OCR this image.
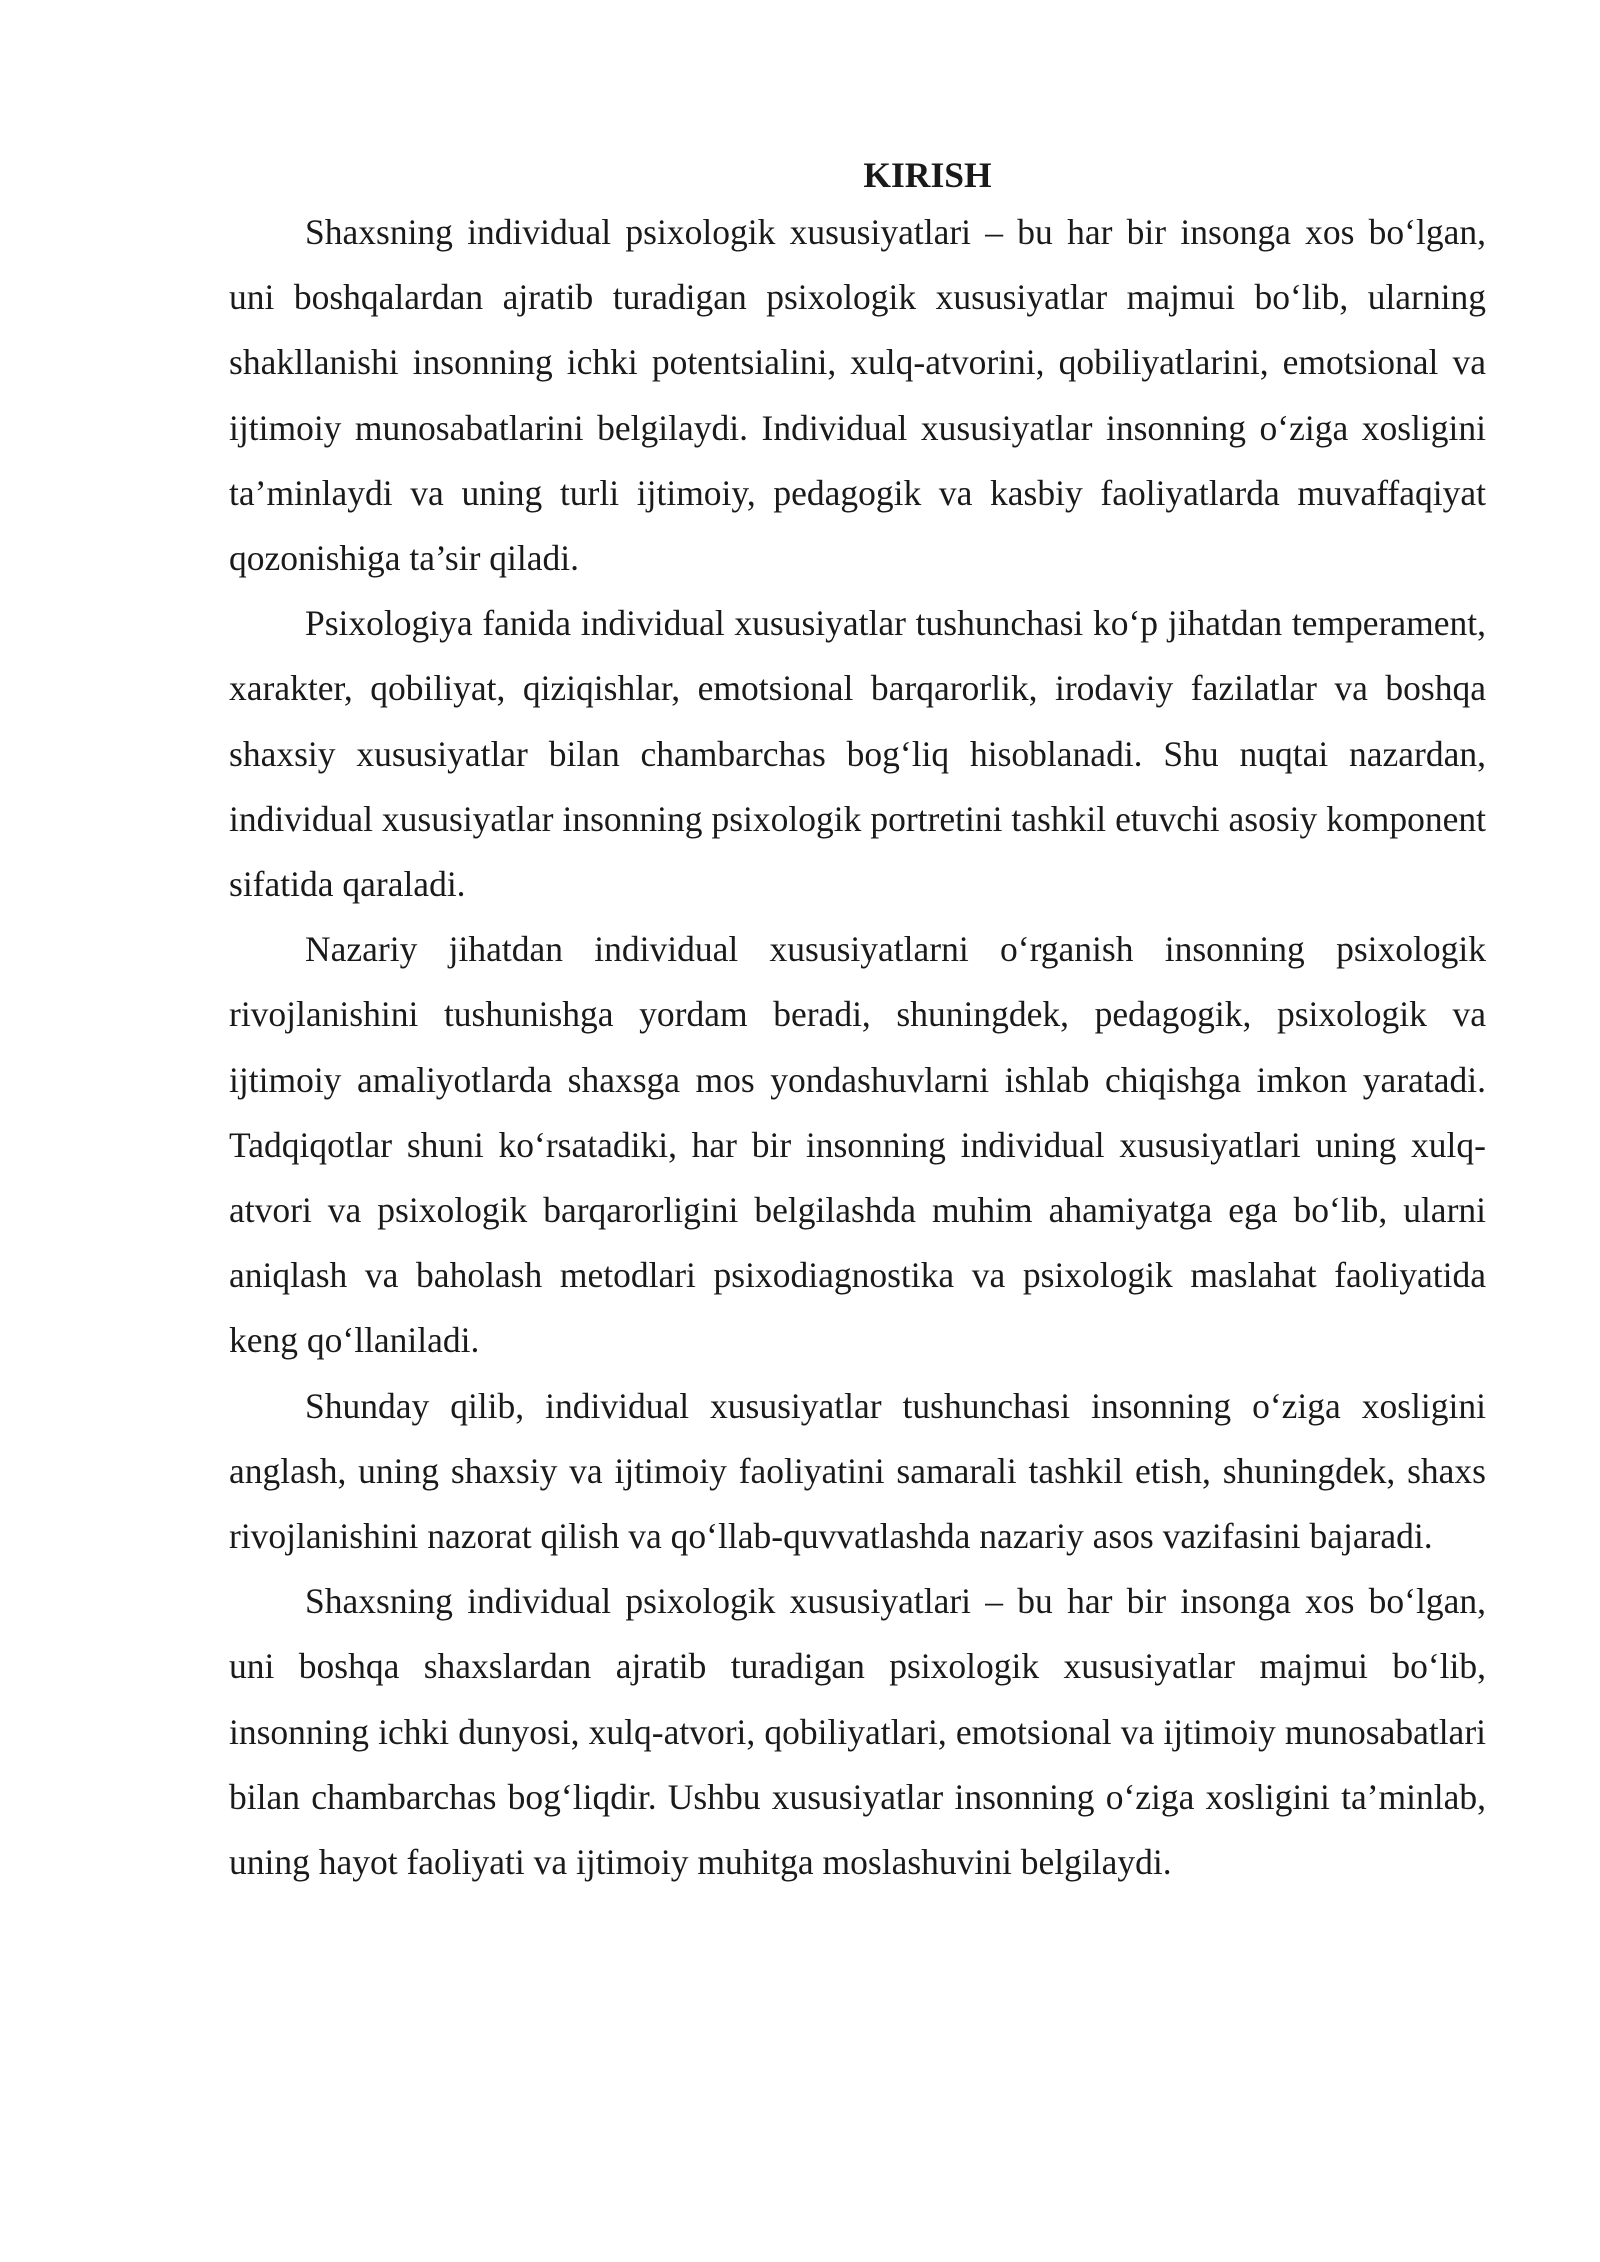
KIRISH

Shaxsning individual psixologik xususiyatlari – bu har bir insonga xos bo‘lgan, uni boshqalardan ajratib turadigan psixologik xususiyatlar majmui bo‘lib, ularning shakllanishi insonning ichki potentsialini, xulq-atvorini, qobiliyatlarini, emotsional va ijtimoiy munosabatlarini belgilaydi. Individual xususiyatlar insonning o‘ziga xosligini ta’minlaydi va uning turli ijtimoiy, pedagogik va kasbiy faoliyatlarda muvaffaqiyat qozonishiga ta’sir qiladi.

Psixologiya fanida individual xususiyatlar tushunchasi ko‘p jihatdan temperament, xarakter, qobiliyat, qiziqishlar, emotsional barqarorlik, irodaviy fazilatlar va boshqa shaxsiy xususiyatlar bilan chambarchas bog‘liq hisoblanadi. Shu nuqtai nazardan, individual xususiyatlar insonning psixologik portretini tashkil etuvchi asosiy komponent sifatida qaraladi.

Nazariy jihatdan individual xususiyatlarni o‘rganish insonning psixologik rivojlanishini tushunishga yordam beradi, shuningdek, pedagogik, psixologik va ijtimoiy amaliyotlarda shaxsga mos yondashuvlarni ishlab chiqishga imkon yaratadi. Tadqiqotlar shuni ko‘rsatadiki, har bir insonning individual xususiyatlari uning xulq-atvori va psixologik barqarorligini belgilashda muhim ahamiyatga ega bo‘lib, ularni aniqlash va baholash metodlari psixodiagnostika va psixologik maslahat faoliyatida keng qo‘llaniladi.

Shunday qilib, individual xususiyatlar tushunchasi insonning o‘ziga xosligini anglash, uning shaxsiy va ijtimoiy faoliyatini samarali tashkil etish, shuningdek, shaxs rivojlanishini nazorat qilish va qo‘llab-quvvatlashda nazariy asos vazifasini bajaradi.

Shaxsning individual psixologik xususiyatlari – bu har bir insonga xos bo‘lgan, uni boshqa shaxslardan ajratib turadigan psixologik xususiyatlar majmui bo‘lib, insonning ichki dunyosi, xulq-atvori, qobiliyatlari, emotsional va ijtimoiy munosabatlari bilan chambarchas bog‘liqdir. Ushbu xususiyatlar insonning o‘ziga xosligini ta’minlab, uning hayot faoliyati va ijtimoiy muhitga moslashuvini belgilaydi.
